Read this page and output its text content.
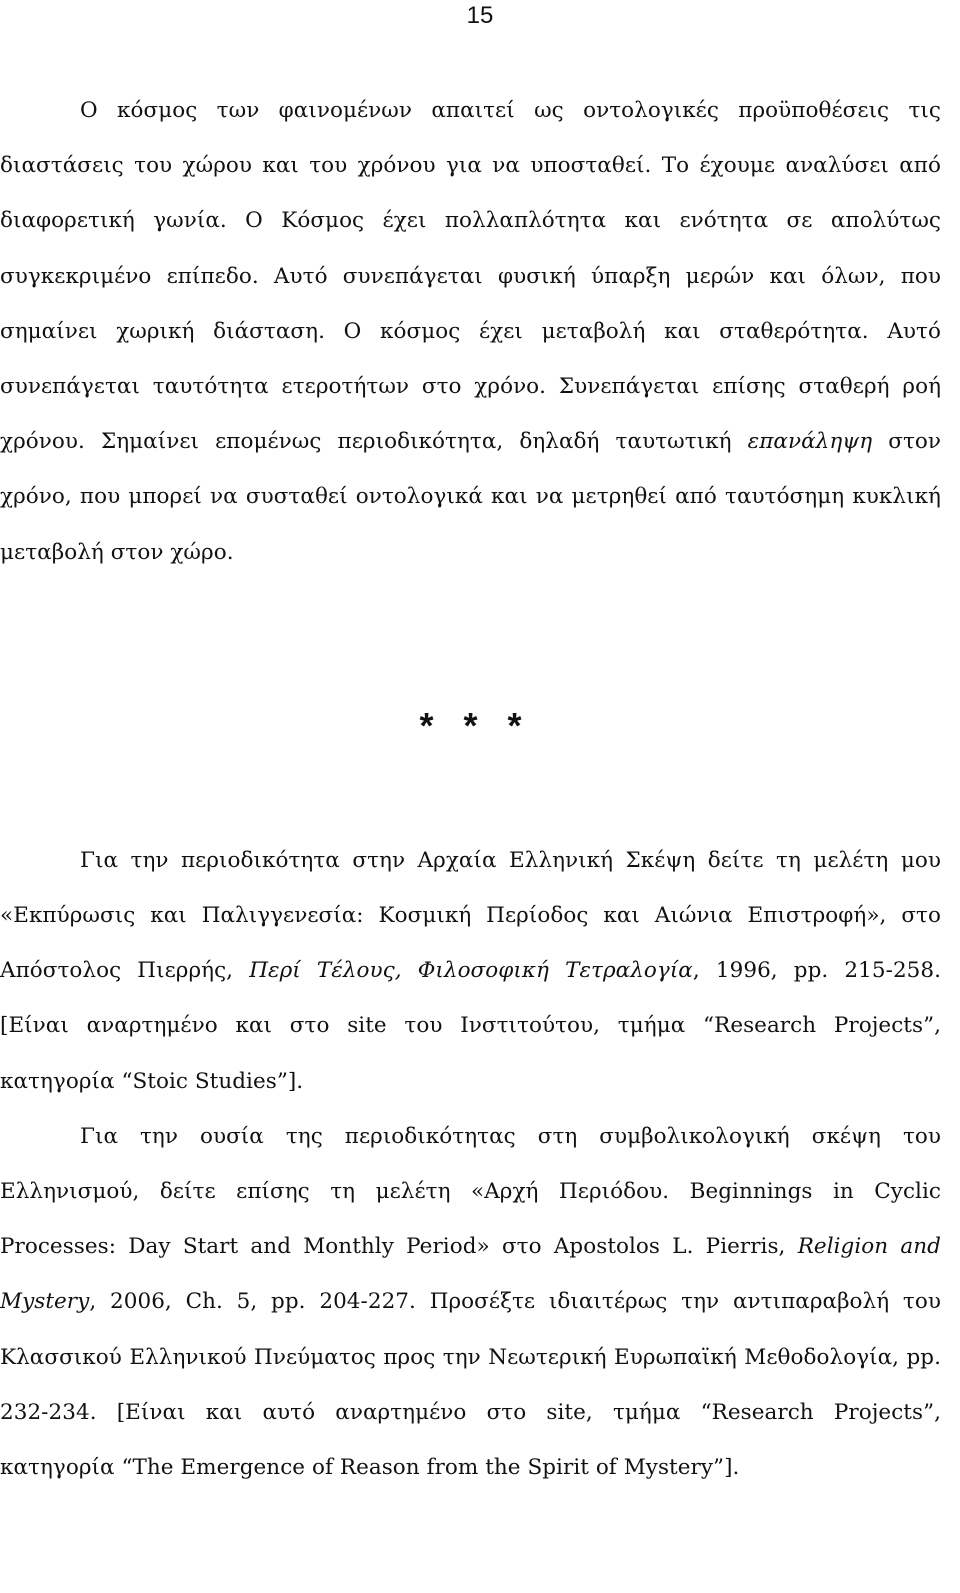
15

Ο κόσμος των φαινομένων απαιτεί ως οντολογικές προϋποθέσεις τις διαστάσεις του χώρου και του χρόνου για να υποσταθεί. Το έχουμε αναλύσει από διαφορετική γωνία. Ο Κόσμος έχει πολλαπλότητα και ενότητα σε απολύτως συγκεκριμένο επίπεδο. Αυτό συνεπάγεται φυσική ύπαρξη μερών και όλων, που σημαίνει χωρική διάσταση. Ο κόσμος έχει μεταβολή και σταθερότητα. Αυτό συνεπάγεται ταυτότητα ετεροτήτων στο χρόνο. Συνεπάγεται επίσης σταθερή ροή χρόνου. Σημαίνει επομένως περιοδικότητα, δηλαδή ταυτωτική επανάληψη στον χρόνο, που μπορεί να συσταθεί οντολογικά και να μετρηθεί από ταυτόσημη κυκλική μεταβολή στον χώρο.

* * *

Για την περιοδικότητα στην Αρχαία Ελληνική Σκέψη δείτε τη μελέτη μου «Εκπύρωσις και Παλιγγενεσία: Κοσμική Περίοδος και Αιώνια Επιστροφή», στο Απόστολος Πιερρής, Περί Τέλους, Φιλοσοφική Τετραλογία, 1996, pp. 215-258. [Είναι αναρτημένο και στο site του Ινστιτούτου, τμήμα “Research Projects”, κατηγορία “Stoic Studies”].

Για την ουσία της περιοδικότητας στη συμβολικολογική σκέψη του Ελληνισμού, δείτε επίσης τη μελέτη «Αρχή Περιόδου. Beginnings in Cyclic Processes: Day Start and Monthly Period» στο Apostolos L. Pierris, Religion and Mystery, 2006, Ch. 5, pp. 204-227. Προσέξτε ιδιαιτέρως την αντιπαραβολή του Κλασσικού Ελληνικού Πνεύματος προς την Νεωτερική Ευρωπαϊκή Μεθοδολογία, pp. 232-234. [Είναι και αυτό αναρτημένο στο site, τμήμα “Research Projects”, κατηγορία “The Emergence of Reason from the Spirit of Mystery”].
